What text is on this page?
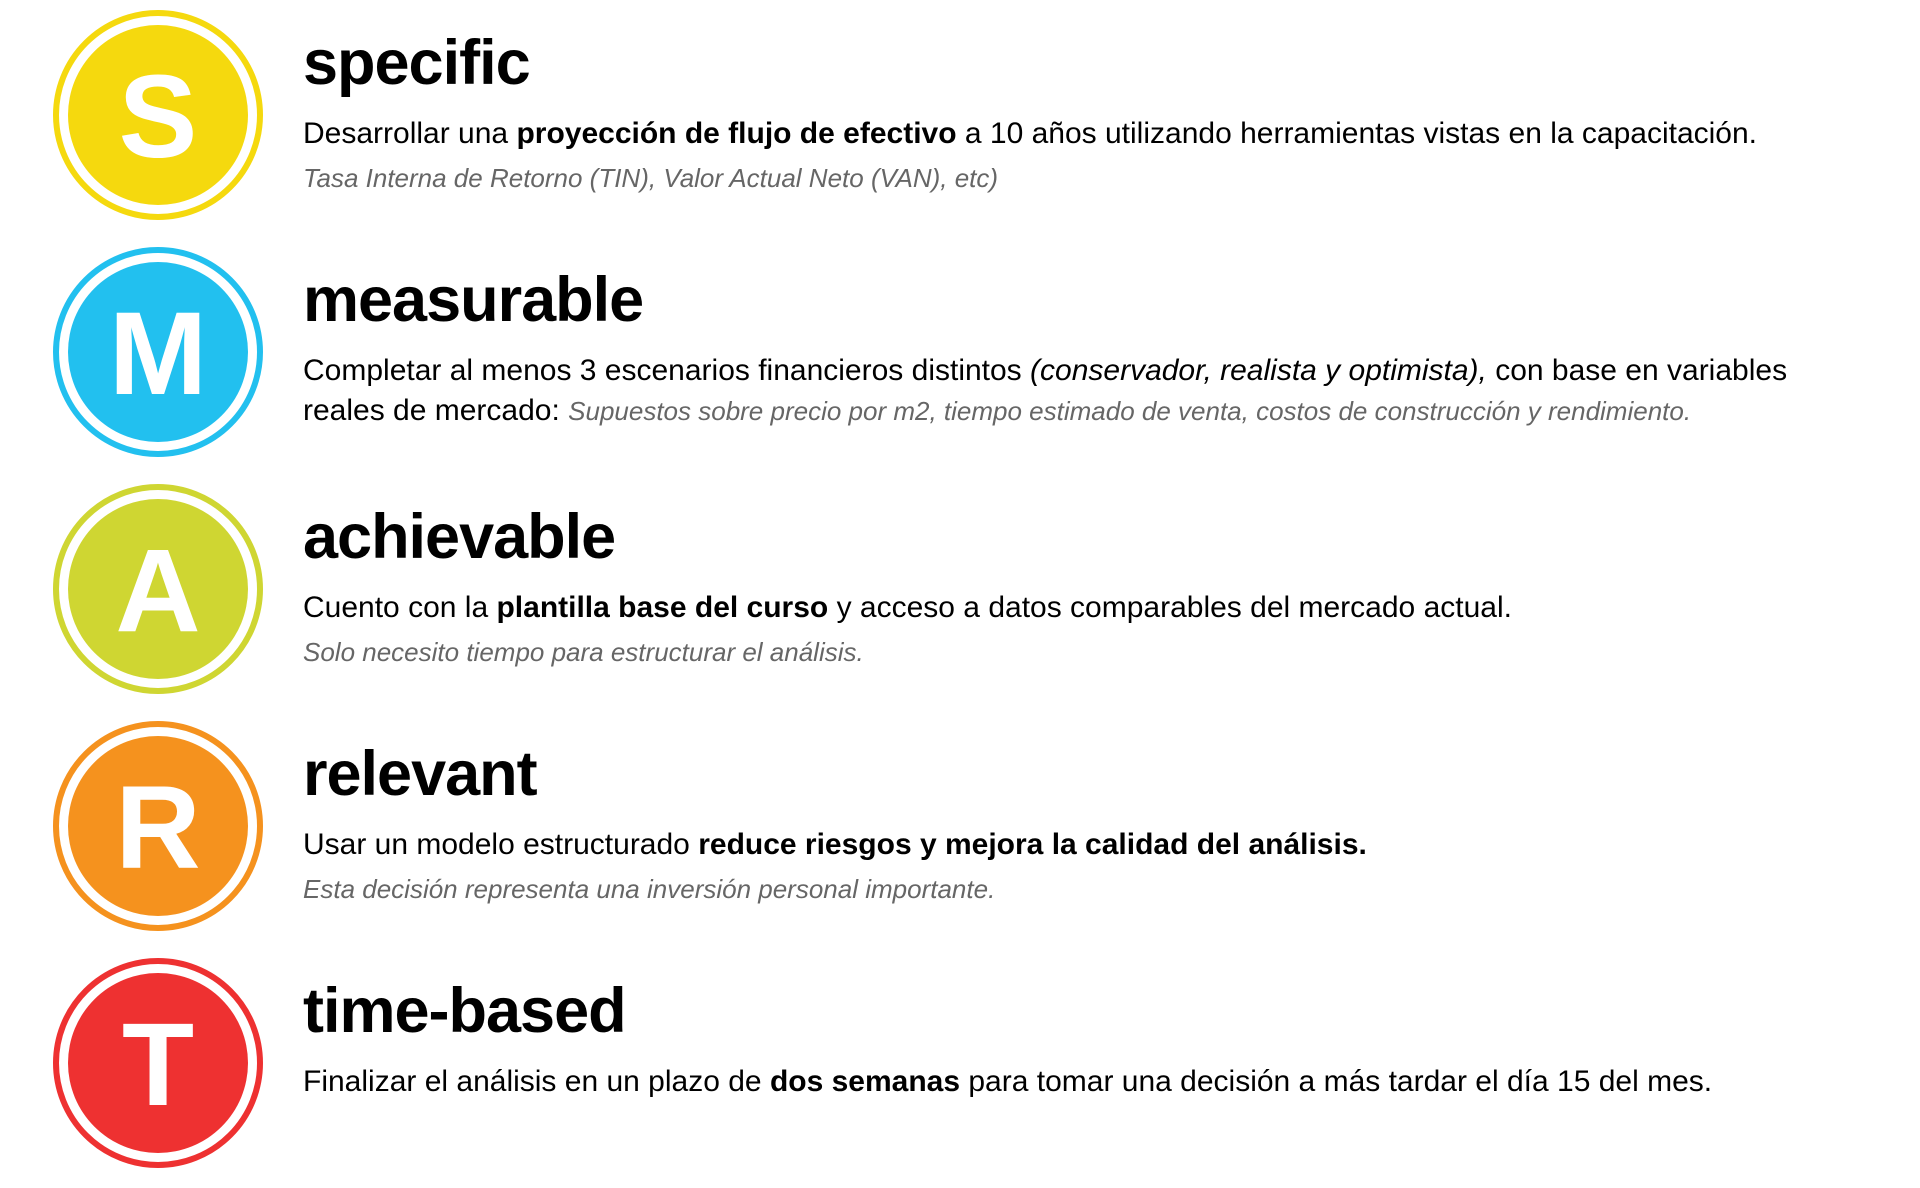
S	specific
Desarrollar una proyección de flujo de efectivo a 10 años utilizando herramientas vistas en la capacitación.
Tasa Interna de Retorno (TIN), Valor Actual Neto (VAN), etc)
M	measurable
Completar al menos 3 escenarios financieros distintos (conservador, realista y optimista), con base en variables
reales de mercado: Supuestos sobre precio por m2, tiempo estimado de venta, costos de construcción y rendimiento.
A	achievable
Cuento con la plantilla base del curso y acceso a datos comparables del mercado actual.
Solo necesito tiempo para estructurar el análisis.
R	relevant
Usar un modelo estructurado reduce riesgos y mejora la calidad del análisis.
Esta decisión representa una inversión personal importante.
T	time-based
Finalizar el análisis en un plazo de dos semanas para tomar una decisión a más tardar el día 15 del mes.
